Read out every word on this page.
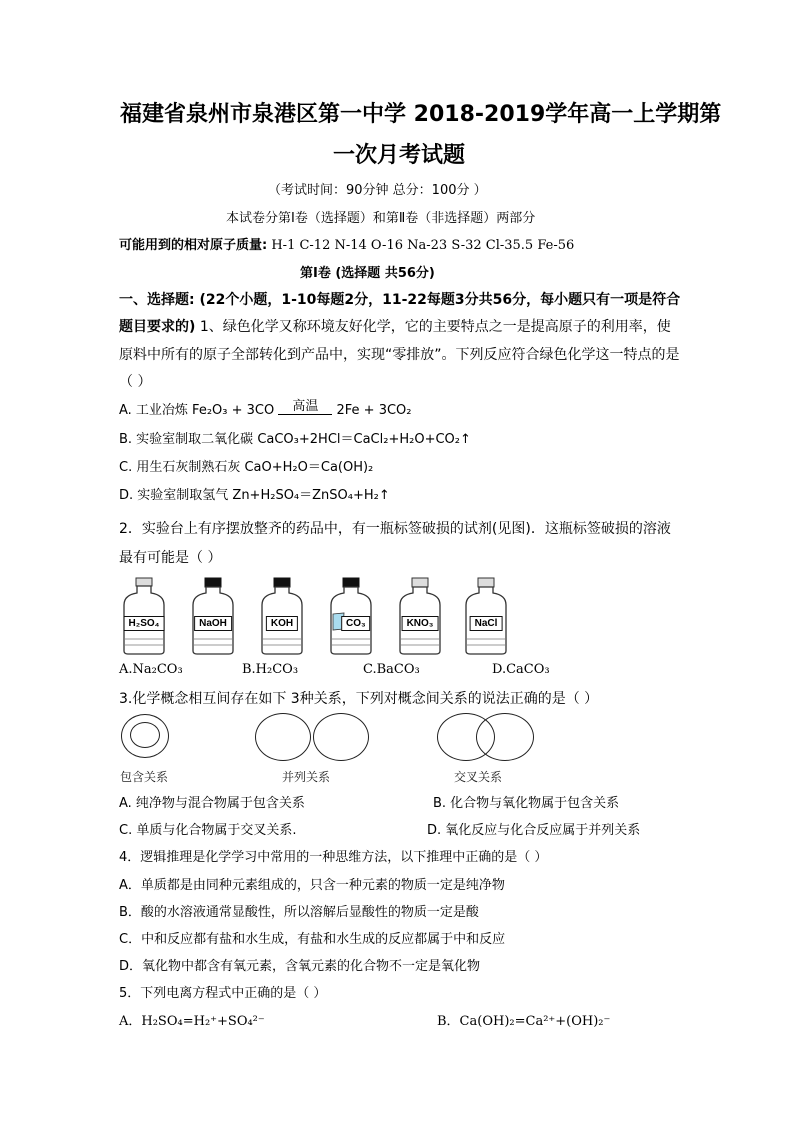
福建省泉州市泉港区第一中学 2018-2019学年高一上学期第
一次月考试题
（考试时间：90分钟 总分：100分 ）
本试卷分第Ⅰ卷（选择题）和第Ⅱ卷（非选择题）两部分
可能用到的相对原子质量: H-1 C-12 N-14 O-16 Na-23 S-32 Cl-35.5 Fe-56
第Ⅰ卷 (选择题 共56分)
一、选择题: (22个小题，1-10每题2分，11-22每题3分共56分，每小题只有一项是符合
题目要求的) 1、绿色化学又称环境友好化学，它的主要特点之一是提高原子的利用率，使
原料中所有的原子全部转化到产品中，实现“零排放”。下列反应符合绿色化学这一特点的是
（ ）
A. 工业冶炼 Fe₂O₃ + 3CO 高温 2Fe + 3CO₂
B. 实验室制取二氧化碳 CaCO₃+2HCl＝CaCl₂+H₂O+CO₂↑
C. 用生石灰制熟石灰 CaO+H₂O＝Ca(OH)₂
D. 实验室制取氢气 Zn+H₂SO₄＝ZnSO₄+H₂↑
2．实验台上有序摆放整齐的药品中，有一瓶标签破损的试剂(见图)．这瓶标签破损的溶液
最有可能是（ ）
H₂SO₄	NaOH	KOH	CO₃	KNO₃	NaCl
A.Na₂CO₃	B.H₂CO₃	C.BaCO₃	D.CaCO₃
3.化学概念相互间存在如下 3种关系，下列对概念间关系的说法正确的是（ ）
包含关系	并列关系	交叉关系
A. 纯净物与混合物属于包含关系	B. 化合物与氧化物属于包含关系
C. 单质与化合物属于交叉关系.	D. 氧化反应与化合反应属于并列关系
4．逻辑推理是化学学习中常用的一种思维方法，以下推理中正确的是（ ）
A．单质都是由同种元素组成的，只含一种元素的物质一定是纯净物
B．酸的水溶液通常显酸性，所以溶解后显酸性的物质一定是酸
C．中和反应都有盐和水生成，有盐和水生成的反应都属于中和反应
D．氧化物中都含有氧元素，含氧元素的化合物不一定是氧化物
5．下列电离方程式中正确的是（ ）
A．H₂SO₄=H₂⁺+SO₄²⁻	B．Ca(OH)₂=Ca²⁺+(OH)₂⁻
